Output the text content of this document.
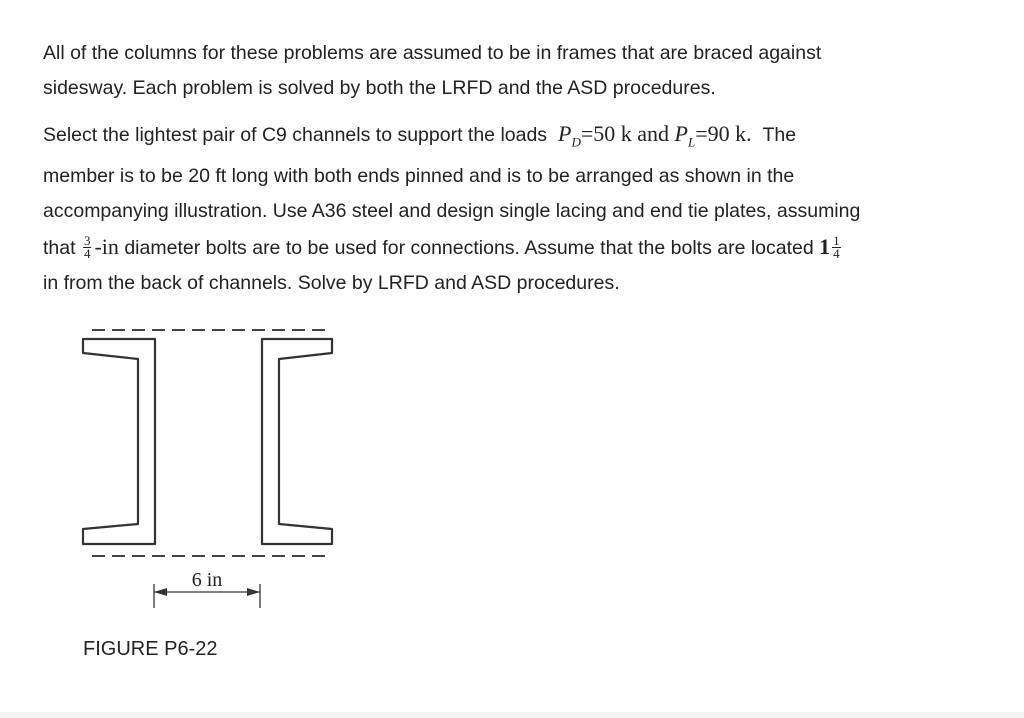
All of the columns for these problems are assumed to be in frames that are braced against
sidesway. Each problem is solved by both the LRFD and the ASD procedures.

Select the lightest pair of C9 channels to support the loads $P_D=50$ k and $P_L=90$ k. The
member is to be 20 ft long with both ends pinned and is to be arranged as shown in the
accompanying illustration. Use A36 steel and design single lacing and end tie plates, assuming
that $\frac{3}{4} -in$ diameter bolts are to be used for connections. Assume that the bolts are located $1 \frac{1}{4}$

in from the back of channels. Solve by LRFD and ASD procedures.

6 in

FIGURE P6-22
